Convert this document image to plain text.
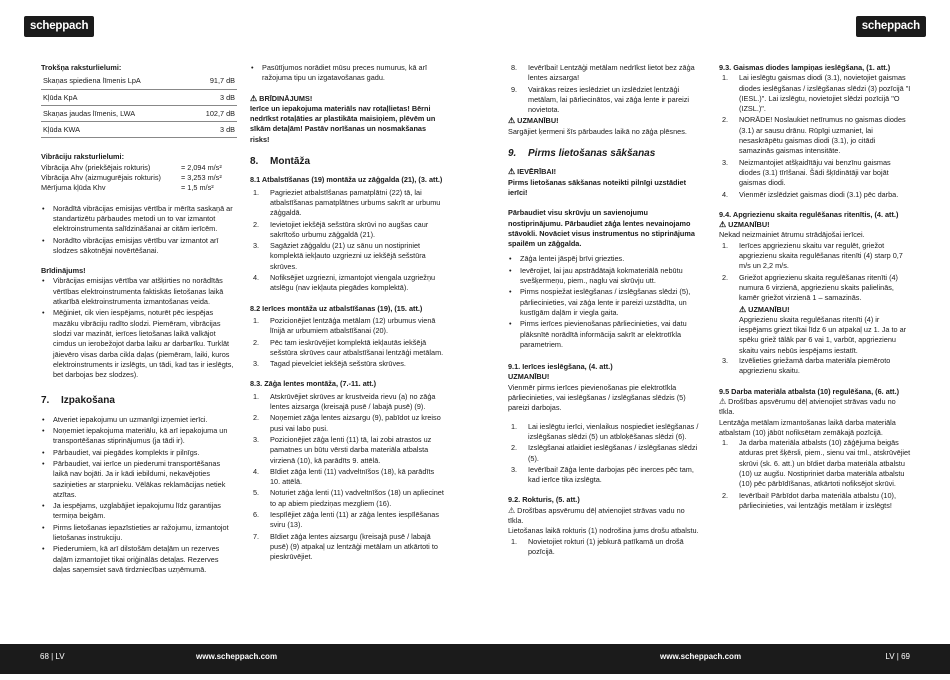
scheppach	scheppach
Trokšņa raksturlielumi:
Skaņas spiediena līmenis LpA	91,7 dB
Kļūda KpA	3 dB
Skaņas jaudas līmenis, LWA	102,7 dB
Kļūda KWA	3 dB
Vibrāciju raksturlielumi:
Vibrācija Ahv (priekšējais rokturis)	= 2,094 m/s²
Vibrācija Ahv (aizmugurējais rokturis)	= 3,253 m/s²
Mērījuma kļūda Khv	= 1,5 m/s²
• Norādītā vibrācijas emisijas vērtība ir mērīta saskaņā ar standartizētu pārbaudes metodi un to var izmantot elektroinstrumenta salīdzināšanai ar citām ierīcēm.
• Norādīto vibrācijas emisijas vērtību var izmantot arī slodzes sākotnējai novērtēšanai.
Brīdinājums!
• Vibrācijas emisijas vērtība var atšķirties no norādītās vērtības elektroinstrumenta faktiskās lietošanas laikā atkarībā elektroinstrumenta izmantošanas veida.
• Mēģiniet, cik vien iespējams, noturēt pēc iespējas mazāku vibrāciju radīto slodzi. Piemēram, vibrācijas slodzi var mazināt, ierīces lietošanas laikā valkājot cimdus un ierobežojot darba laiku ar darbarīku. Turklāt jāievēro visas darba cikla daļas (piemēram, laiki, kuros elektroinstruments ir izslēgts, un tādi, kad tas ir ieslēgts, bet darbojas bez slodzes).
7. Izpakošana
• Atveriet iepakojumu un uzmanīgi izņemiet ierīci.
• Noņemiet iepakojuma materiālu, kā arī iepakojuma un transportēšanas stiprinājumus (ja tādi ir).
• Pārbaudiet, vai piegādes komplekts ir pilnīgs.
• Pārbaudiet, vai ierīce un piederumi transportēšanas laikā nav bojāti. Ja ir kādi iebildumi, nekavējoties saziņieties ar starpnieku. Vēlākas reklamācijas netiek atzītas.
• Ja iespējams, uzglabājiet iepakojumu līdz garantijas termiņa beigām.
• Pirms lietošanas iepazīstieties ar ražojumu, izmantojot lietošanas instrukciju.
• Piederumiem, kā arī dilstošām detaļām un rezerves daļām izmantojiet tikai oriģinālās detaļas. Rezerves daļas saņemsiet savā tirdzniecības uzņēmumā.
• Pasūtījumos norādiet mūsu preces numurus, kā arī ražojuma tipu un izgatavošanas gadu.
⚠ BRĪDINĀJUMS!
Ierīce un iepakojuma materiāls nav rotaļlietas! Bērni nedrīkst rotaļāties ar plastikāta maisiņiem, plēvēm un sīkām detaļām! Pastāv norīšanas un nosmakšanas risks!
8. Montāža
8.1 Atbalstīšanas (19) montāža uz zāģgalda (21), (3. att.)
1. Pagrieziet atbalstīšanas pamatplātni (22) tā, lai atbalstīšanas pamatplātnes urbums sakrīt ar urbumu zāģgaldā.
2. Ievietojiet iekšējā sešstūra skrūvi no augšas caur sakrītošo urbumu zāģgaldā (21).
3. Sagāziet zāģgaldu (21) uz sānu un nostipriniet komplektā iekļauto uzgriezni uz iekšējā sešstūra skrūves.
4. Nofiksējiet uzgriezni, izmantojot viengala uzgriežņu atslēgu (nav iekļauta piegādes komplektā).
8.2 Ierīces montāža uz atbalstīšanas (19), (15. att.)
1. Pozicionējiet lentzāģa metālam (12) urbumus vienā līnijā ar urbumiem atbalstīšanai (20).
2. Pēc tam ieskrūvējiet komplektā iekļautās iekšējā sešstūra skrūves caur atbalstīšanai lentzāģi metālam.
3. Tagad pievelciet iekšējā sešstūra skrūves.
8.3. Zāģa lentes montāža, (7.-11. att.)
1. Atskrūvējiet skrūves ar krustveida rievu (a) no zāģa lentes aizsarga (kreisajā pusē / labajā pusē) (9).
2. Noņemiet zāģa lentes aizsargu (9), pabīdot uz kreiso pusi vai labo pusi.
3. Pozicionējiet zāģa lenti (11) tā, lai zobi atrastos uz pamatnes un būtu vērsti darba materiāla atbalsta virzienā (10), kā parādīts 9. attēlā.
4. Bīdiet zāģa lenti (11) vadveltnīšos (18), kā parādīts 10. attēlā.
5. Noturiet zāģa lenti (11) vadveltnīšos (18) un apliecinet to ap abiem piedziņas mezgliem (16).
6. Iespīlējiet zāģa lenti (11) ar zāģa lentes iespīlēšanas sviru (13).
7. Bīdiet zāģa lentes aizsargu (kreisajā pusē / labajā pusē) (9) atpakaļ uz lentzāģi metālam un atkārtoti to pieskrūvējiet.
8. Ievērībai! Lentzāģi metālam nedrīkst lietot bez zāģa lentes aizsarga!
9. Vairākas reizes ieslēdziet un izslēdziet lentzāģi metālam, lai pārliecinātos, vai zāģa lente ir pareizi novietota.
⚠ UZMANĪBU!
Sargājiet ķermeni šīs pārbaudes laikā no zāģa plēsnes.
9. Pirms lietošanas sākšanas
⚠ IEVĒRĪBAI!
Pirms lietošanas sākšanas noteikti pilnīgi uzstādiet ierīci!
Pārbaudiet visu skrūvju un savienojumu nostiprinājumu. Pārbaudiet zāģa lentes nevainojamo stāvokli. Novāciet visus instrumentus no stiprinājuma spailēm un zāģgalda.
• Zāģa lentei jāspēj brīvi griezties.
• Ievērojiet, lai jau apstrādātajā kokmateriālā nebūtu svešķermeņu, piem., naglu vai skrūvju utt.
• Pirms nospiežat ieslēgšanas / izslēgšanas slēdzi (5), pārliecinieties, vai zāģa lente ir pareizi uzstādīta, un kustīgām daļām ir viegla gaita.
• Pirms ierīces pievienošanas pārliecinieties, vai datu plāksnītē norādītā informācija sakrīt ar elektrotīkla parametriem.
9.1. Ierīces ieslēgšana, (4. att.)
UZMANĪBU!
Vienmēr pirms ierīces pievienošanas pie elektrotīkla pārliecinieties, vai ieslēgšanas / izslēgšanas slēdzis (5) pareizi darbojas.
1. Lai ieslēgtu ierīci, vienlaikus nospiediet ieslēgšanas / izslēgšanas slēdzi (5) un atbloķēšanas slēdzi (6).
2. Izslēgšanai atlaidiet ieslēgšanas / izslēgšanas slēdzi (5).
3. Ievērībai! Zāģa lente darbojas pēc inerces pēc tam, kad ierīce tika izslēgta.
9.2. Rokturis, (5. att.)
⚠ Drošības apsvērumu dēļ atvienojiet strāvas vadu no tīkla.
Lietošanas laikā rokturis (1) nodrošina jums drošu atbalstu.
1. Novietojiet rokturi (1) jebkurā patīkamā un drošā pozīcijā.
9.3. Gaismas diodes lampiņas ieslēgšana, (1. att.)
1. Lai ieslēgtu gaismas diodi (3.1), novietojiet gaismas diodes ieslēgšanas / izslēgšanas slēdzi (3) pozīcijā "I (IESL.)". Lai izslēgtu, novietojiet slēdzi pozīcijā "O (IZSL.)".
2. NORĀDE! Noslaukiet netīrumus no gaismas diodes (3.1) ar sausu drānu. Rūpīgi uzmaniet, lai nesaskrāpētu gaismas diodi (3.1), jo citādi samazinās gaismas intensitāte.
3. Neizmantojiet atšķaidītāju vai benzīnu gaismas diodes (3.1) tīrīšanai. Šādi šķīdinātāji var bojāt gaismas diodi.
4. Vienmēr izslēdziet gaismas diodi (3.1) pēc darba.
9.4. Apgriezienu skaita regulēšanas ritenītis, (4. att.)
⚠ UZMANĪBU!
Nekad neizmainiet ātrumu strādājošai ierīcei.
1. Ierīces apgriezienu skaitu var regulēt, griežot apgriezienu skaita regulēšanas ritenīti (4) starp 0,7 m/s un 2,2 m/s.
2. Griežot apgriezienu skaita regulēšanas ritenīti (4) numura 6 virzienā, apgriezienu skaits palielinās, kamēr griežot virzienā 1 – samazinās.
⚠ UZMANĪBU!
Apgriezienu skaita regulēšanas ritenīti (4) ir iespējams griezt tikai līdz 6 un atpakaļ uz 1. Ja to ar spēku griež tālāk par 6 vai 1, varbūt, apgriezienu skaitu vairs nebūs iespējams iestatīt.
3. Izvēlieties griežamā darba materiāla piemēroto apgriezienu skaitu.
9.5 Darba materiāla atbalsta (10) regulēšana, (6. att.)
⚠ Drošības apsvērumu dēļ atvienojiet strāvas vadu no tīkla.
Lentzāģa metālam izmantošanas laikā darba materiāla atbalstam (10) jābūt nofiksētam zemākajā pozīcijā.
1. Ja darba materiāla atbalsts (10) zāģējuma beigās atduras pret šķērsli, piem., sienu vai tml., atskrūvējiet skrūvi (sk. 6. att.) un bīdiet darba materiāla atbalstu (10) uz augšu. Nostipriniet darba materiāla atbalstu (10) pēc pārbīdīšanas, atkārtoti nofiksējot skrūvi.
2. Ievērībai! Pārbīdot darba materiāla atbalstu (10), pārliecinieties, vai lentzāģis metālam ir izslēgts!
68 | LV	www.scheppach.com	www.scheppach.com	LV | 69
